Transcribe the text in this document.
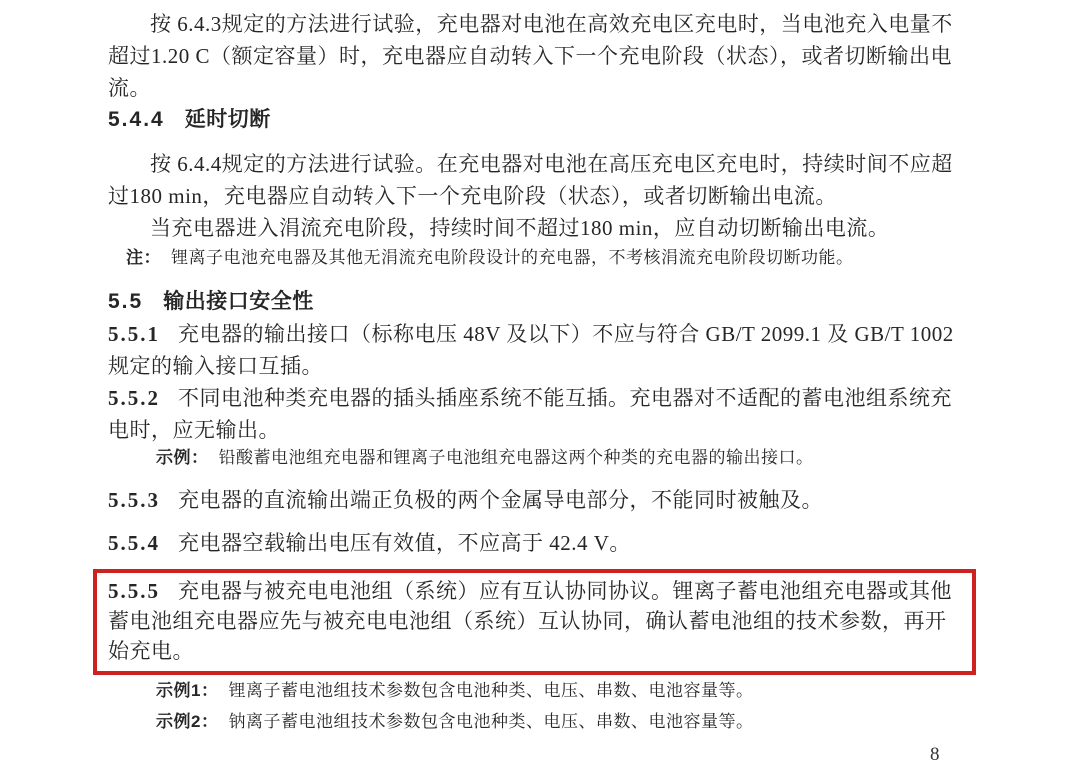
按 6.4.3规定的方法进行试验，充电器对电池在高效充电区充电时，当电池充入电量不超过1.20 C（额定容量）时，充电器应自动转入下一个充电阶段（状态），或者切断输出电流。

5.4.4 延时切断

按 6.4.4规定的方法进行试验。在充电器对电池在高压充电区充电时，持续时间不应超过180 min，充电器应自动转入下一个充电阶段（状态），或者切断输出电流。

当充电器进入涓流充电阶段，持续时间不超过180 min，应自动切断输出电流。

注： 锂离子电池充电器及其他无涓流充电阶段设计的充电器，不考核涓流充电阶段切断功能。

5.5 输出接口安全性

5.5.1 充电器的输出接口（标称电压 48V 及以下）不应与符合 GB/T 2099.1 及 GB/T 1002 规定的输入接口互插。

5.5.2 不同电池种类充电器的插头插座系统不能互插。充电器对不适配的蓄电池组系统充电时，应无输出。

示例： 铅酸蓄电池组充电器和锂离子电池组充电器这两个种类的充电器的输出接口。

5.5.3 充电器的直流输出端正负极的两个金属导电部分，不能同时被触及。

5.5.4 充电器空载输出电压有效值，不应高于 42.4 V。

5.5.5 充电器与被充电电池组（系统）应有互认协同协议。锂离子蓄电池组充电器或其他蓄电池组充电器应先与被充电电池组（系统）互认协同，确认蓄电池组的技术参数，再开始充电。

示例1： 锂离子蓄电池组技术参数包含电池种类、电压、串数、电池容量等。

示例2： 钠离子蓄电池组技术参数包含电池种类、电压、串数、电池容量等。

8
